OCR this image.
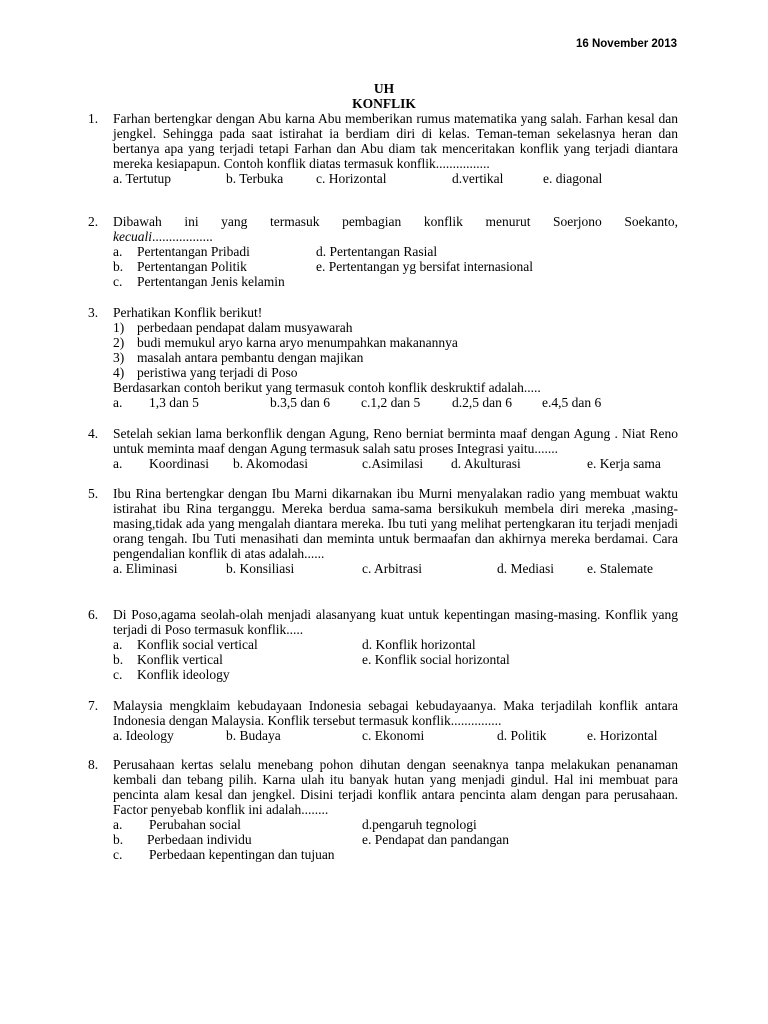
16 November 2013
UH
KONFLIK
1. Farhan bertengkar dengan Abu karna Abu memberikan rumus matematika yang salah. Farhan kesal dan jengkel. Sehingga pada saat istirahat ia berdiam diri di kelas. Teman-teman sekelasnya heran dan bertanya apa yang terjadi tetapi Farhan dan Abu diam tak menceritakan konflik yang terjadi diantara mereka kesiapapun. Contoh konflik diatas termasuk konflik................
a. Tertutup	b. Terbuka c. Horizontal	d.vertikal	e. diagonal
2. Dibawah ini yang termasuk pembagian konflik menurut Soerjono Soekanto,
kecuali..................
a. Pertentangan Pribadi	d. Pertentangan Rasial
b. Pertentangan Politik	e. Pertentangan yg bersifat internasional
c. Pertentangan Jenis kelamin
3. Perhatikan Konflik berikut!
1) perbedaan pendapat dalam musyawarah
2) budi memukul aryo karna aryo menumpahkan makanannya
3) masalah antara pembantu dengan majikan
4) peristiwa yang terjadi di Poso
Berdasarkan contoh berikut yang termasuk contoh konflik deskruktif adalah.....
a. 1,3 dan 5	b.3,5 dan 6 c.1,2 dan 5 d.2,5 dan 6 e.4,5 dan 6
4. Setelah sekian lama berkonflik dengan Agung, Reno berniat berminta maaf dengan Agung . Niat Reno untuk meminta maaf dengan Agung termasuk salah satu proses Integrasi yaitu.......
a. Koordinasi b. Akomodasi	c.Asimilasi d. Akulturasi	e. Kerja sama
5. Ibu Rina bertengkar dengan Ibu Marni dikarnakan ibu Murni menyalakan radio yang membuat waktu istirahat ibu Rina terganggu. Mereka berdua sama-sama bersikukuh membela diri mereka ,masing-masing,tidak ada yang mengalah diantara mereka. Ibu tuti yang melihat pertengkaran itu terjadi menjadi orang tengah. Ibu Tuti menasihati dan meminta untuk bermaafan dan akhirnya mereka berdamai. Cara pengendalian konflik di atas adalah......
a. Eliminasi	b. Konsiliasi	c. Arbitrasi	d. Mediasi e. Stalemate
6. Di Poso,agama seolah-olah menjadi alasanyang kuat untuk kepentingan masing-masing. Konflik yang terjadi di Poso termasuk konflik.....
a. Konflik social vertical	d. Konflik horizontal
b. Konflik vertical	e. Konflik social horizontal
c. Konflik ideology
7. Malaysia mengklaim kebudayaan Indonesia sebagai kebudayaanya. Maka terjadilah konflik antara Indonesia dengan Malaysia. Konflik tersebut termasuk konflik...............
a. Ideology	b. Budaya	c. Ekonomi	d. Politik	e. Horizontal
8. Perusahaan kertas selalu menebang pohon dihutan dengan seenaknya tanpa melakukan penanaman kembali dan tebang pilih. Karna ulah itu banyak hutan yang menjadi gindul. Hal ini membuat para pencinta alam kesal dan jengkel. Disini terjadi konflik antara pencinta alam dengan para perusahaan. Factor penyebab konflik ini adalah........
a. Perubahan social	d.pengaruh tegnologi
b. Perbedaan individu	e. Pendapat dan pandangan
c. Perbedaan kepentingan dan tujuan
